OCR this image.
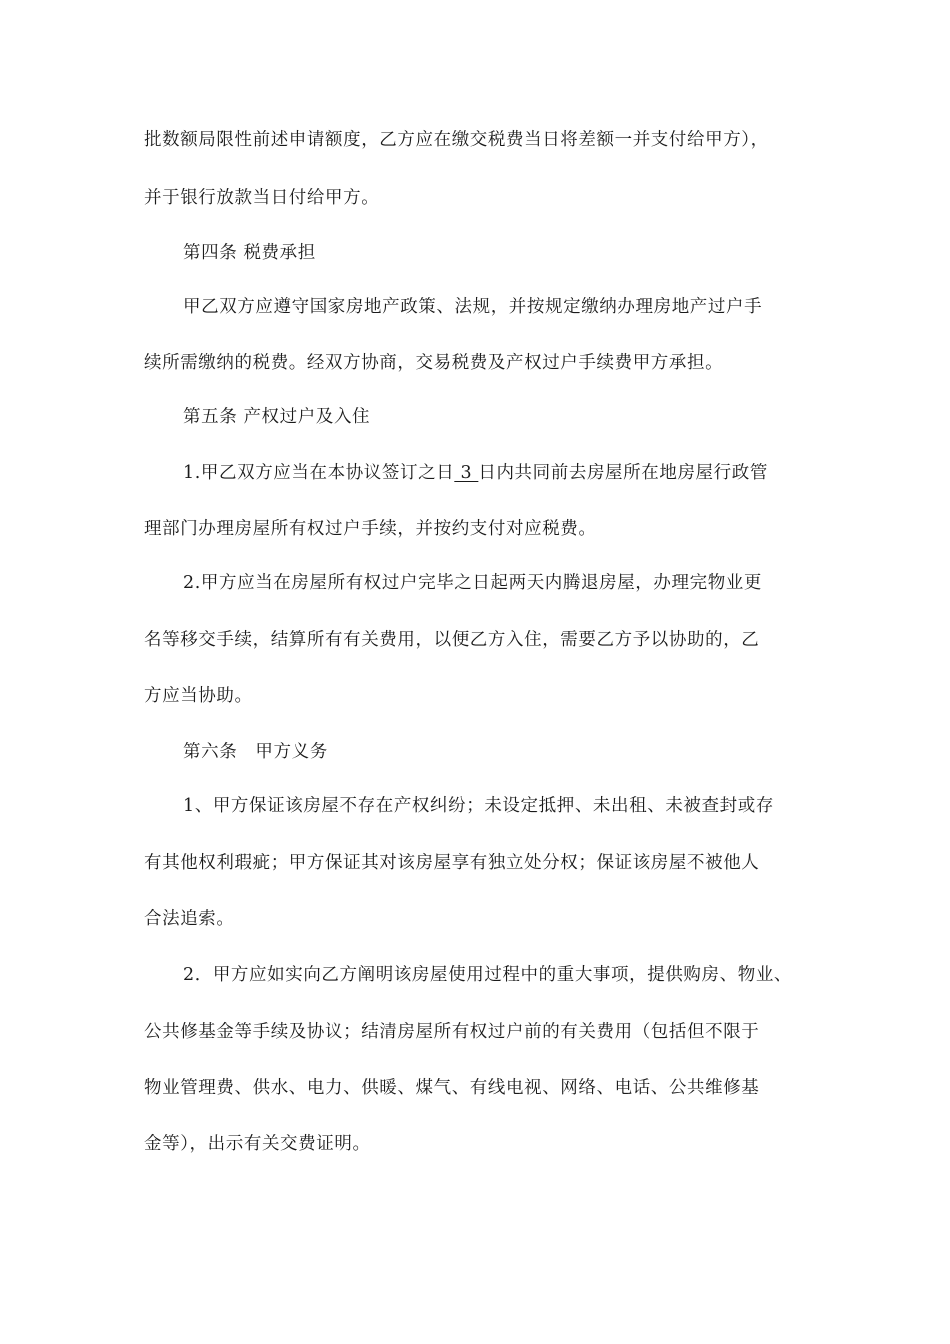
批数额局限性前述申请额度，乙方应在缴交税费当日将差额一并支付给甲方），
并于银行放款当日付给甲方。
第四条 税费承担
甲乙双方应遵守国家房地产政策、法规，并按规定缴纳办理房地产过户手
续所需缴纳的税费。经双方协商，交易税费及产权过户手续费甲方承担。
第五条 产权过户及入住
1.甲乙双方应当在本协议签订之日 3 日内共同前去房屋所在地房屋行政管
理部门办理房屋所有权过户手续，并按约支付对应税费。
2.甲方应当在房屋所有权过户完毕之日起两天内腾退房屋，办理完物业更
名等移交手续，结算所有有关费用，以便乙方入住，需要乙方予以协助的，乙
方应当协助。
第六条　甲方义务
1、甲方保证该房屋不存在产权纠纷；未设定抵押、未出租、未被查封或存
有其他权利瑕疵；甲方保证其对该房屋享有独立处分权；保证该房屋不被他人
合法追索。
2．甲方应如实向乙方阐明该房屋使用过程中的重大事项，提供购房、物业、
公共修基金等手续及协议；结清房屋所有权过户前的有关费用（包括但不限于
物业管理费、供水、电力、供暖、煤气、有线电视、网络、电话、公共维修基
金等），出示有关交费证明。
